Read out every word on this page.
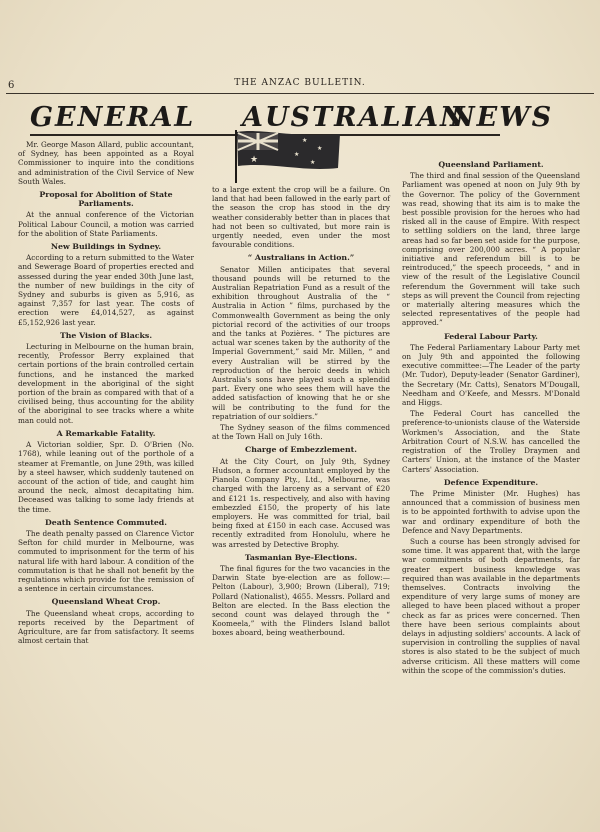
6	THE ANZAC BULLETIN.
GENERAL AUSTRALIAN
NEWS
★
★
★
★
★

Mr. George Mason Allard, public accountant, of Sydney, has been appointed as a Royal Commissioner to inquire into the conditions and administration of the Civil Service of New South Wales.

Proposal for Abolition of State Parliaments.

At the annual conference of the Victorian Political Labour Council, a motion was carried for the abolition of State Parliaments.

New Buildings in Sydney.

According to a return submitted to the Water and Sewerage Board of properties erected and assessed during the year ended 30th June last, the number of new buildings in the city of Sydney and suburbs is given as 5,916, as against 7,357 for last year. The costs of erection were £4,014,527, as against £5,152,926 last year.

The Vision of Blacks.

Lecturing in Melbourne on the human brain, recently, Professor Berry explained that certain portions of the brain controlled certain functions, and he instanced the marked development in the aboriginal of the sight portion of the brain as compared with that of a civilised being, thus accounting for the ability of the aboriginal to see tracks where a white man could not.

A Remarkable Fatality.

A Victorian soldier, Spr. D. O'Brien (No. 1768), while leaning out of the porthole of a steamer at Fremantle, on June 29th, was killed by a steel hawser, which suddenly tautened on account of the action of tide, and caught him around the neck, almost decapitating him. Deceased was talking to some lady friends at the time.

Death Sentence Commuted.

The death penalty passed on Clarence Victor Sefton for child murder in Melbourne, was commuted to imprisonment for the term of his natural life with hard labour. A condition of the commutation is that he shall not benefit by the regulations which provide for the remission of a sentence in certain circumstances.

Queensland Wheat Crop.

The Queensland wheat crops, according to reports received by the Department of Agriculture, are far from satisfactory. It seems almost certain that

to a large extent the crop will be a failure. On land that had been fallowed in the early part of the season the crop has stood in the dry weather considerably better than in places that had not been so cultivated, but more rain is urgently needed, even under the most favourable conditions.

“ Australians in Action.”

Senator Millen anticipates that several thousand pounds will be returned to the Australian Repatriation Fund as a result of the exhibition throughout Australia of the “ Australia in Action ” films, purchased by the Commonwealth Government as being the only pictorial record of the activities of our troops and the tanks at Pozières. “ The pictures are actual war scenes taken by the authority of the Imperial Government,” said Mr. Millen, “ and every Australian will be stirred by the reproduction of the heroic deeds in which Australia's sons have played such a splendid part. Every one who sees them will have the added satisfaction of knowing that he or she will be contributing to the fund for the repatriation of our soldiers.”

The Sydney season of the films commenced at the Town Hall on July 16th.

Charge of Embezzlement.

At the City Court, on July 9th, Sydney Hudson, a former accountant employed by the Pianola Company Pty., Ltd., Melbourne, was charged with the larceny as a servant of £20 and £121 1s. respectively, and also with having embezzled £150, the property of his late employers. He was committed for trial, bail being fixed at £150 in each case. Accused was recently extradited from Honolulu, where he was arrested by Detective Brophy.

Tasmanian Bye-Elections.

The final figures for the two vacancies in the Darwin State bye-election are as follow:—Pelton (Labour), 3,900; Brown (Liberal), 719; Pollard (Nationalist), 4655. Messrs. Pollard and Belton are elected. In the Bass election the second count was delayed through the “ Koomeela,” with the Flinders Island ballot boxes aboard, being weatherbound.

Queensland Parliament.

The third and final session of the Queensland Parliament was opened at noon on July 9th by the Governor. The policy of the Government was read, showing that its aim is to make the best possible provision for the heroes who had risked all in the cause of Empire. With respect to settling soldiers on the land, three large areas had so far been set aside for the purpose, comprising over 200,000 acres. “ A popular initiative and referendum bill is to be reintroduced,” the speech proceeds, “ and in view of the result of the Legislative Council referendum the Government will take such steps as will prevent the Council from rejecting or materially altering measures which the selected representatives of the people had approved.”

Federal Labour Party.

The Federal Parliamentary Labour Party met on July 9th and appointed the following executive committee:—The Leader of the party (Mr. Tudor), Deputy-leader (Senator Gardiner), the Secretary (Mr. Catts), Senators M'Dougall, Needham and O'Keefe, and Messrs. M'Donald and Higgs.

The Federal Court has cancelled the preference-to-unionists clause of the Waterside Workmen's Association, and the State Arbitration Court of N.S.W. has cancelled the registration of the Trolley Draymen and Carters' Union, at the instance of the Master Carters' Association.

Defence Expenditure.

The Prime Minister (Mr. Hughes) has announced that a commission of business men is to be appointed forthwith to advise upon the war and ordinary expenditure of both the Defence and Navy Departments.

Such a course has been strongly advised for some time. It was apparent that, with the large war commitments of both departments, far greater expert business knowledge was required than was available in the departments themselves. Contracts involving the expenditure of very large sums of money are alleged to have been placed without a proper check as far as prices were concerned. Then there have been serious complaints about delays in adjusting soldiers' accounts. A lack of supervision in controlling the supplies of naval stores is also stated to be the subject of much adverse criticism. All these matters will come within the scope of the commission's duties.
